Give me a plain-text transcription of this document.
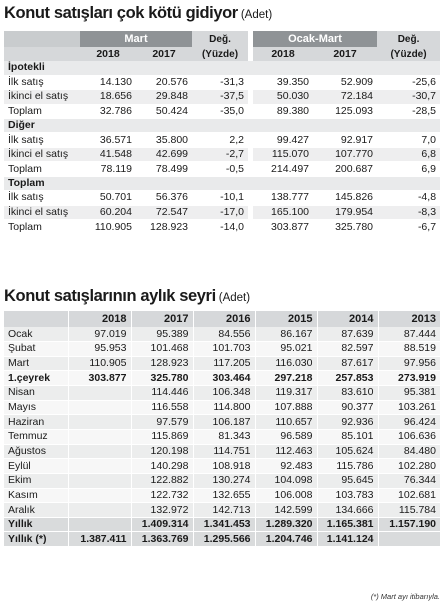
Konut satışları çok kötü gidiyor (Adet)
	Mart		Değ.		Ocak-Mart		Değ.
	2018	2017	(Yüzde)		2018	2017	(Yüzde)
İpotekli							
İlk satış	14.130	20.576	-31,3		39.350	52.909	-25,6
İkinci el satış	18.656	29.848	-37,5		50.030	72.184	-30,7
Toplam	32.786	50.424	-35,0		89.380	125.093	-28,5
Diğer							
İlk satış	36.571	35.800	2,2		99.427	92.917	7,0
İkinci el satış	41.548	42.699	-2,7		115.070	107.770	6,8
Toplam	78.119	78.499	-0,5		214.497	200.687	6,9
Toplam							
İlk satış	50.701	56.376	-10,1		138.777	145.826	-4,8
İkinci el satış	60.204	72.547	-17,0		165.100	179.954	-8,3
Toplam	110.905	128.923	-14,0		303.877	325.780	-6,7
Konut satışlarının aylık seyri (Adet)
	2018	2017	2016	2015	2014	2013
Ocak	97.019	95.389	84.556	86.167	87.639	87.444
Şubat	95.953	101.468	101.703	95.021	82.597	88.519
Mart	110.905	128.923	117.205	116.030	87.617	97.956
1.çeyrek	303.877	325.780	303.464	297.218	257.853	273.919
Nisan		114.446	106.348	119.317	83.610	95.381
Mayıs		116.558	114.800	107.888	90.377	103.261
Haziran		97.579	106.187	110.657	92.936	96.424
Temmuz		115.869	81.343	96.589	85.101	106.636
Ağustos		120.198	114.751	112.463	105.624	84.480
Eylül		140.298	108.918	92.483	115.786	102.280
Ekim		122.882	130.274	104.098	95.645	76.344
Kasım		122.732	132.655	106.008	103.783	102.681
Aralık		132.972	142.713	142.599	134.666	115.784
Yıllık		1.409.314	1.341.453	1.289.320	1.165.381	1.157.190
Yıllık (*)	1.387.411	1.363.769	1.295.566	1.204.746	1.141.124	
(*) Mart ayı itibarıyla.
